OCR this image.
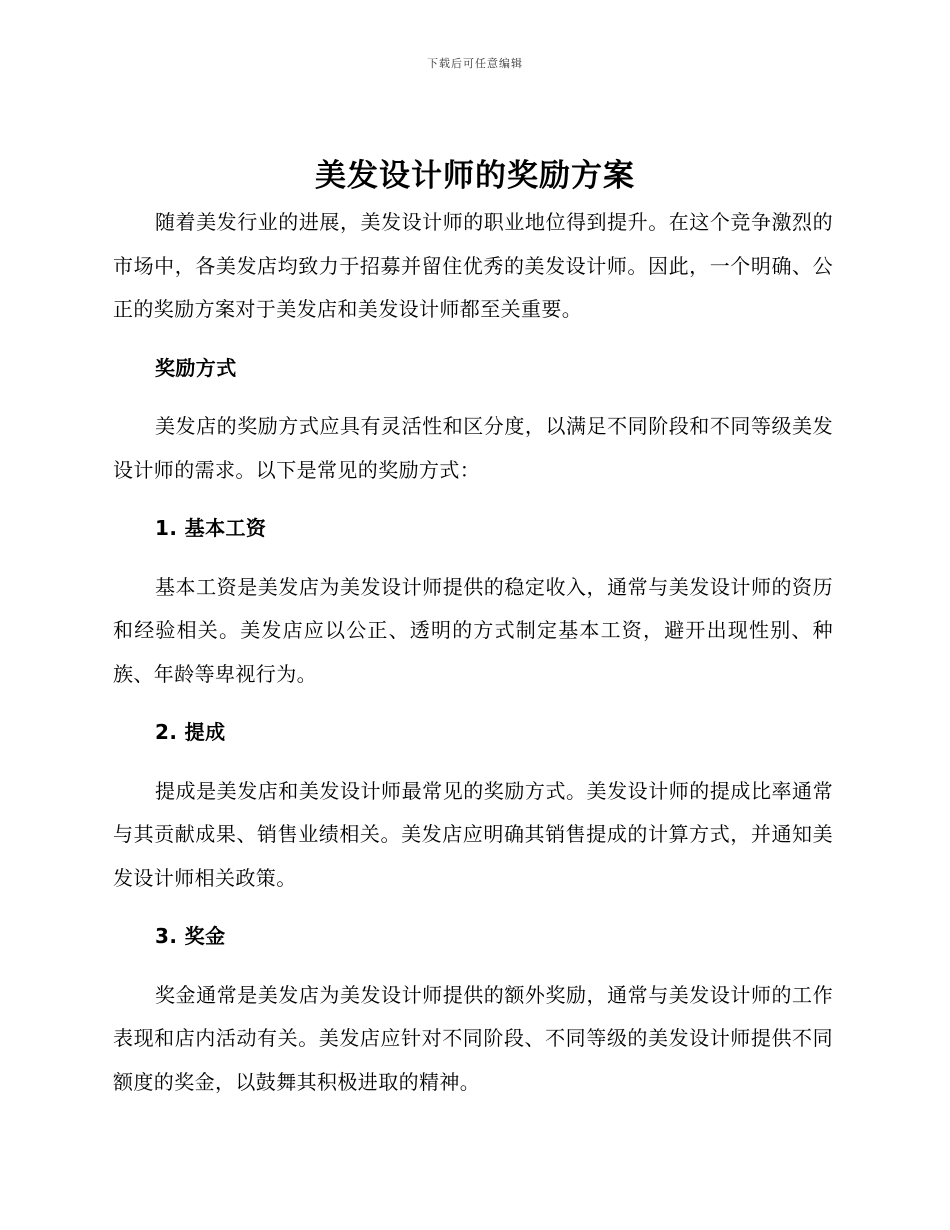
下载后可任意编辑
美发设计师的奖励方案

随着美发行业的进展，美发设计师的职业地位得到提升。在这个竞争激烈的市场中，各美发店均致力于招募并留住优秀的美发设计师。因此，一个明确、公正的奖励方案对于美发店和美发设计师都至关重要。

奖励方式

美发店的奖励方式应具有灵活性和区分度，以满足不同阶段和不同等级美发设计师的需求。以下是常见的奖励方式：

1. 基本工资

基本工资是美发店为美发设计师提供的稳定收入，通常与美发设计师的资历和经验相关。美发店应以公正、透明的方式制定基本工资，避开出现性别、种族、年龄等卑视行为。

2. 提成

提成是美发店和美发设计师最常见的奖励方式。美发设计师的提成比率通常与其贡献成果、销售业绩相关。美发店应明确其销售提成的计算方式，并通知美发设计师相关政策。

3. 奖金

奖金通常是美发店为美发设计师提供的额外奖励，通常与美发设计师的工作表现和店内活动有关。美发店应针对不同阶段、不同等级的美发设计师提供不同额度的奖金，以鼓舞其积极进取的精神。
